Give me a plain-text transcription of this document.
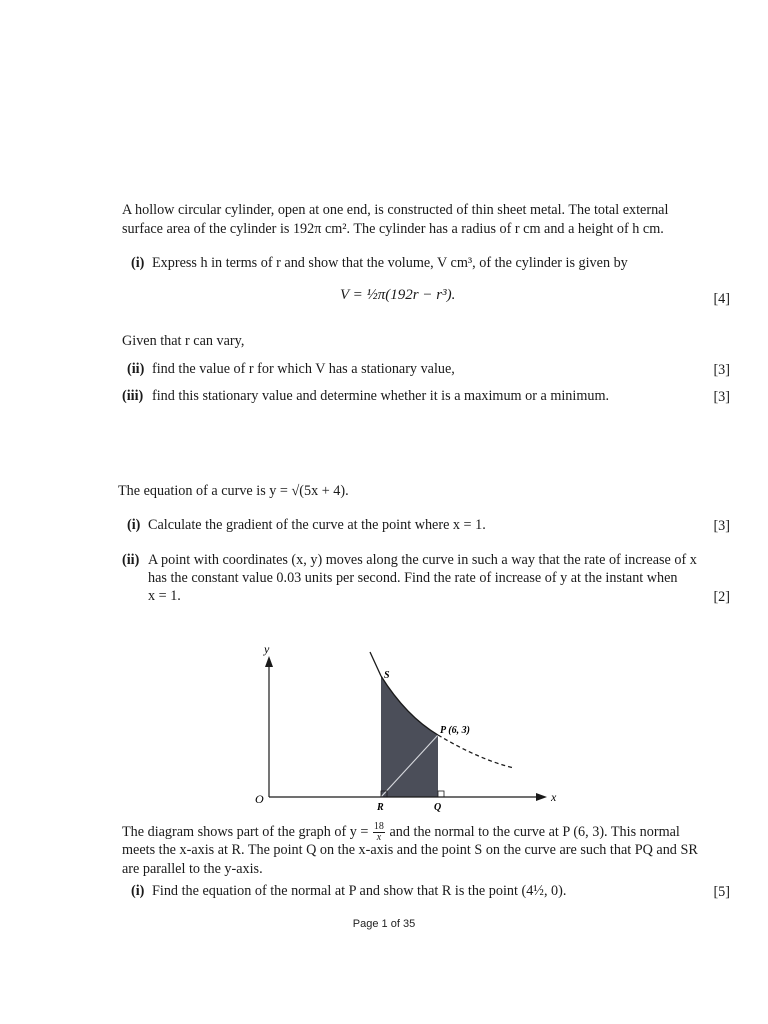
A hollow circular cylinder, open at one end, is constructed of thin sheet metal. The total external
surface area of the cylinder is 192π cm². The cylinder has a radius of r cm and a height of h cm.
(i) Express h in terms of r and show that the volume, V cm³, of the cylinder is given by
V = ½π(192r − r³).	[4]
Given that r can vary,
(ii) find the value of r for which V has a stationary value,	[3]
(iii) find this stationary value and determine whether it is a maximum or a minimum.	[3]
The equation of a curve is y = √(5x + 4).
(i) Calculate the gradient of the curve at the point where x = 1.	[3]
(ii) A point with coordinates (x, y) moves along the curve in such a way that the rate of increase of x
has the constant value 0.03 units per second. Find the rate of increase of y at the instant when
x = 1.	[2]
y
x
O
S
P (6, 3)
R	Q
The diagram shows part of the graph of $y = \frac{18}{x}$ and the normal to the curve at P (6, 3). This normal
meets the x-axis at R. The point Q on the x-axis and the point S on the curve are such that PQ and SR
are parallel to the y-axis.
(i) Find the equation of the normal at P and show that R is the point (4½, 0).	[5]
Page 1 of 35
